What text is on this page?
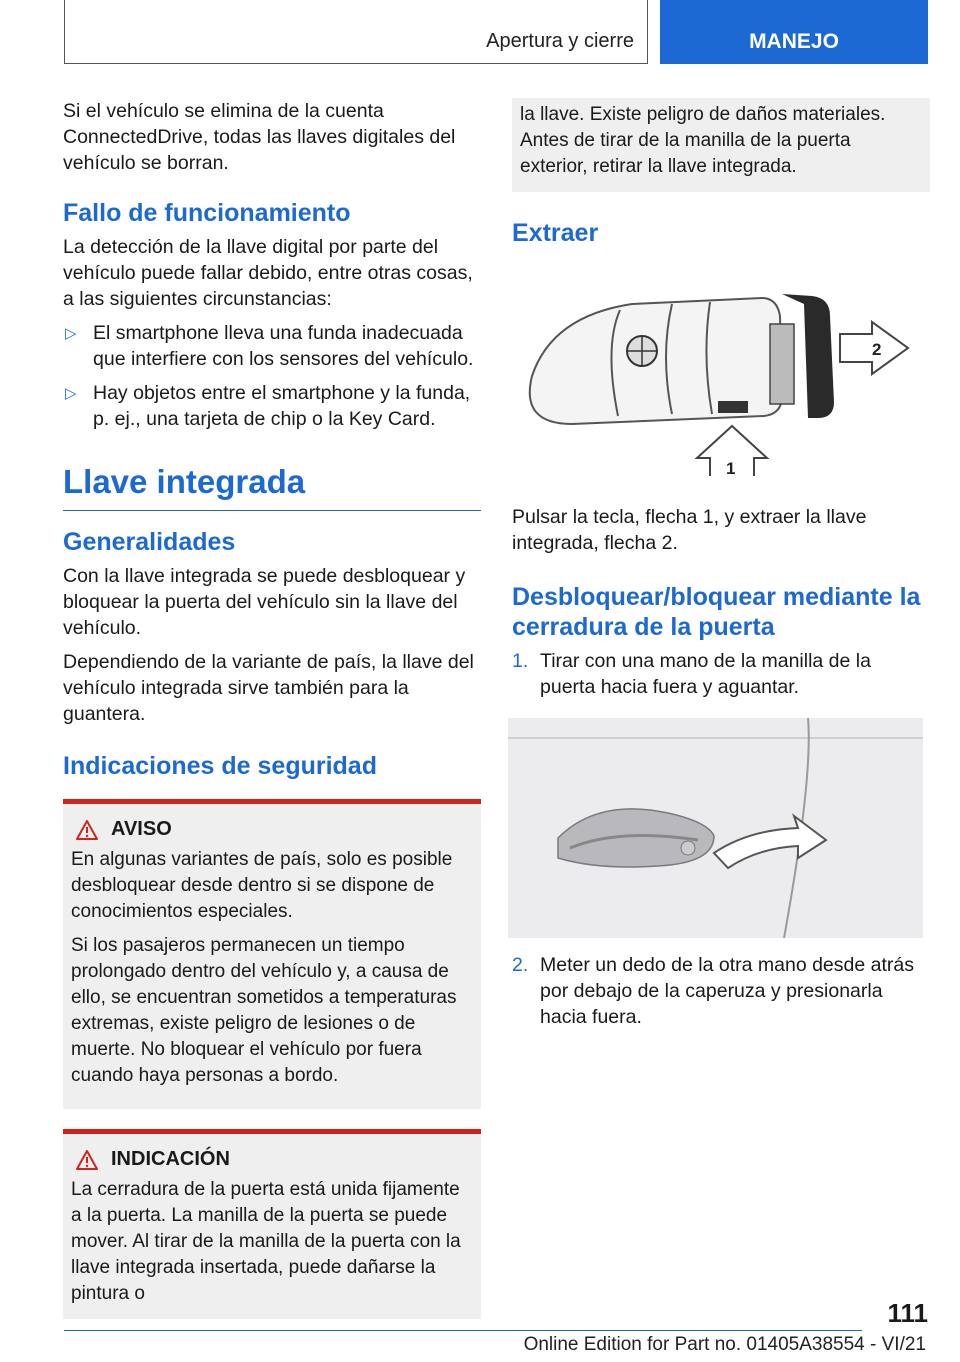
Apertura y cierre	MANEJO

Si el vehículo se elimina de la cuenta ConnectedDrive, todas las llaves digitales del vehículo se borran.

Fallo de funcionamiento

La detección de la llave digital por parte del vehículo puede fallar debido, entre otras cosas, a las siguientes circunstancias:

▷ El smartphone lleva una funda inadecuada que interfiere con los sensores del vehículo.
▷ Hay objetos entre el smartphone y la funda, p. ej., una tarjeta de chip o la Key Card.
Llave integrada
Generalidades

Con la llave integrada se puede desbloquear y bloquear la puerta del vehículo sin la llave del vehículo.

Dependiendo de la variante de país, la llave del vehículo integrada sirve también para la guantera.

Indicaciones de seguridad
AVISO

En algunas variantes de país, solo es posible desbloquear desde dentro si se dispone de conocimientos especiales.

Si los pasajeros permanecen un tiempo prolongado dentro del vehículo y, a causa de ello, se encuentran sometidos a temperaturas extremas, existe peligro de lesiones o de muerte. No bloquear el vehículo por fuera cuando haya personas a bordo.

INDICACIÓN

La cerradura de la puerta está unida fijamente a la puerta. La manilla de la puerta se puede mover. Al tirar de la manilla de la puerta con la llave integrada insertada, puede dañarse la pintura o

la llave. Existe peligro de daños materiales. Antes de tirar de la manilla de la puerta exterior, retirar la llave integrada.

Extraer
2
1

Pulsar la tecla, flecha 1, y extraer la llave integrada, flecha 2.

Desbloquear/bloquear mediante la cerradura de la puerta
1. Tirar con una mano de la manilla de la puerta hacia fuera y aguantar.
2. Meter un dedo de la otra mano desde atrás por debajo de la caperuza y presionarla hacia fuera.
111
Online Edition for Part no. 01405A38554 - VI/21
